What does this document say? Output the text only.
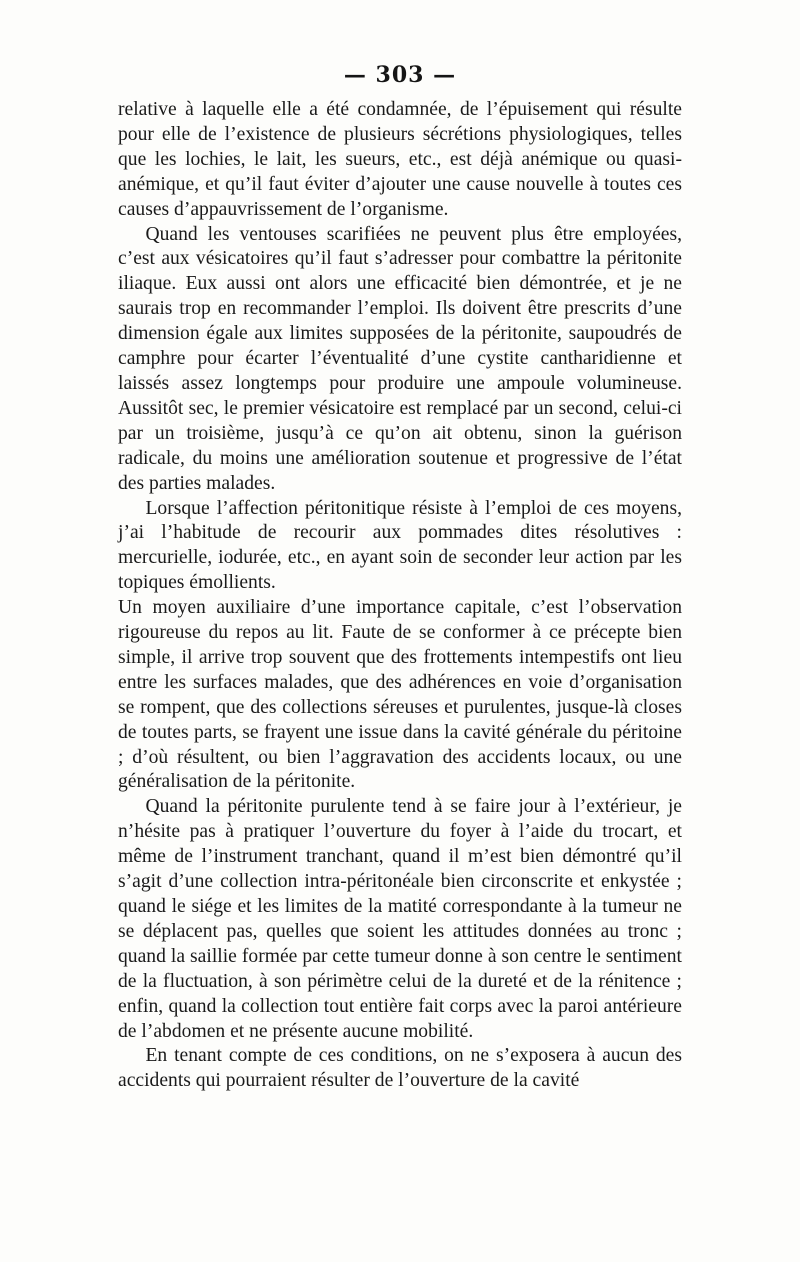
— 303 —

relative à laquelle elle a été condamnée, de l’épuisement qui résulte pour elle de l’existence de plusieurs sécrétions physiologiques, telles que les lochies, le lait, les sueurs, etc., est déjà anémique ou quasi-anémique, et qu’il faut éviter d’ajouter une cause nouvelle à toutes ces causes d’appauvrissement de l’organisme.

Quand les ventouses scarifiées ne peuvent plus être employées, c’est aux vésicatoires qu’il faut s’adresser pour combattre la péritonite iliaque. Eux aussi ont alors une efficacité bien démontrée, et je ne saurais trop en recommander l’emploi. Ils doivent être prescrits d’une dimension égale aux limites supposées de la péritonite, saupoudrés de camphre pour écarter l’éventualité d’une cystite cantharidienne et laissés assez longtemps pour produire une ampoule volumineuse. Aussitôt sec, le premier vésicatoire est remplacé par un second, celui-ci par un troisième, jusqu’à ce qu’on ait obtenu, sinon la guérison radicale, du moins une amélioration soutenue et progressive de l’état des parties malades.

Lorsque l’affection péritonitique résiste à l’emploi de ces moyens, j’ai l’habitude de recourir aux pommades dites résolutives : mercurielle, iodurée, etc., en ayant soin de seconder leur action par les topiques émollients.

Un moyen auxiliaire d’une importance capitale, c’est l’observation rigoureuse du repos au lit. Faute de se conformer à ce précepte bien simple, il arrive trop souvent que des frottements intempestifs ont lieu entre les surfaces malades, que des adhérences en voie d’organisation se rompent, que des collections séreuses et purulentes, jusque-là closes de toutes parts, se frayent une issue dans la cavité générale du péritoine ; d’où résultent, ou bien l’aggravation des accidents locaux, ou une généralisation de la péritonite.

Quand la péritonite purulente tend à se faire jour à l’extérieur, je n’hésite pas à pratiquer l’ouverture du foyer à l’aide du trocart, et même de l’instrument tranchant, quand il m’est bien démontré qu’il s’agit d’une collection intra-péritonéale bien circonscrite et enkystée ; quand le siége et les limites de la matité correspondante à la tumeur ne se déplacent pas, quelles que soient les attitudes données au tronc ; quand la saillie formée par cette tumeur donne à son centre le sentiment de la fluctuation, à son périmètre celui de la dureté et de la rénitence ; enfin, quand la collection tout entière fait corps avec la paroi antérieure de l’abdomen et ne présente aucune mobilité.

En tenant compte de ces conditions, on ne s’exposera à aucun des accidents qui pourraient résulter de l’ouverture de la cavité
